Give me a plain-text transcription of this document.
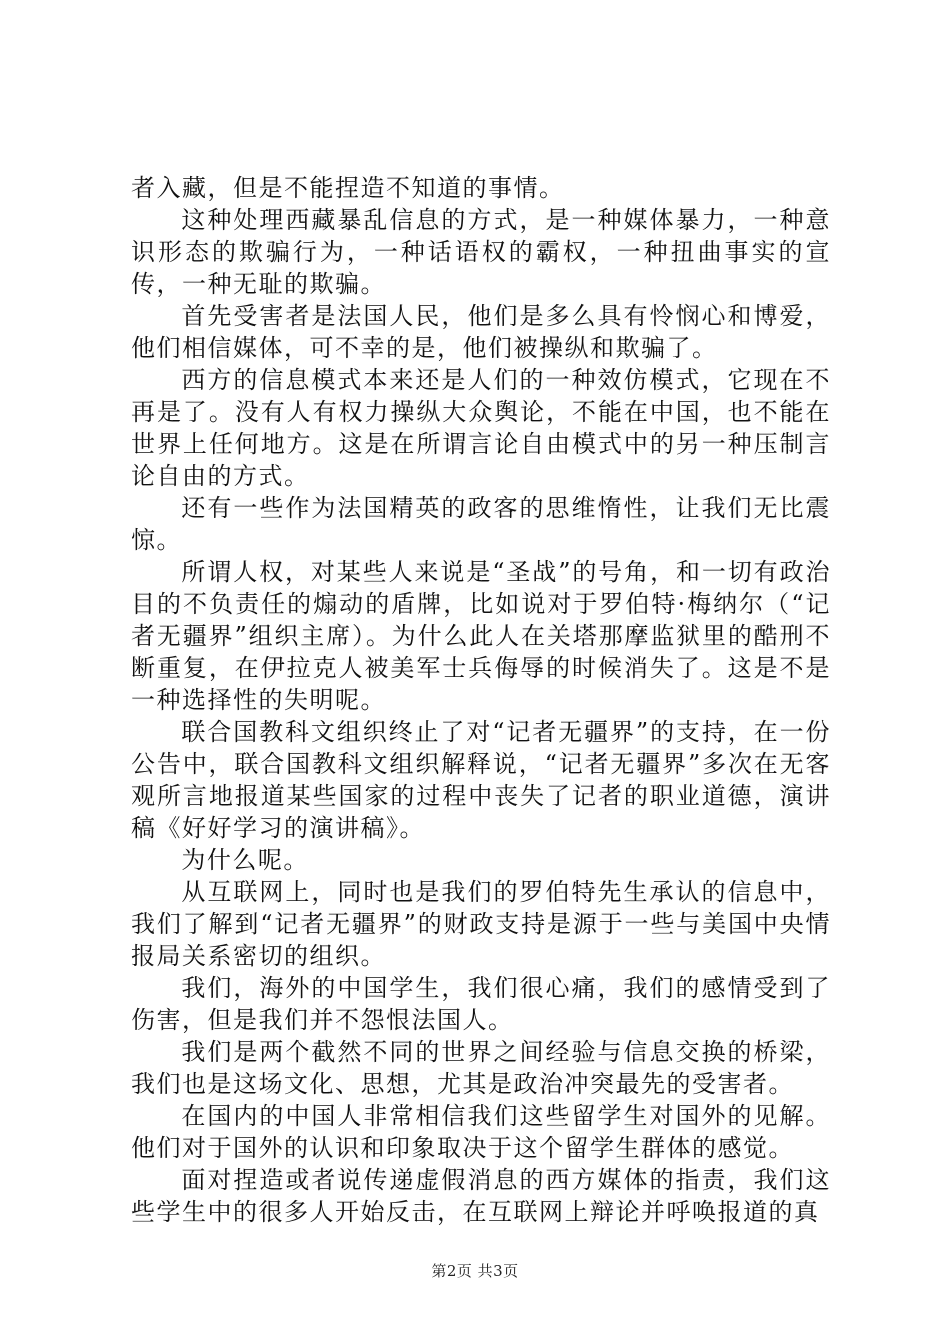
者入藏，但是不能捏造不知道的事情。

这种处理西藏暴乱信息的方式，是一种媒体暴力，一种意识形态的欺骗行为，一种话语权的霸权，一种扭曲事实的宣传，一种无耻的欺骗。

首先受害者是法国人民，他们是多么具有怜悯心和博爱，他们相信媒体，可不幸的是，他们被操纵和欺骗了。

西方的信息模式本来还是人们的一种效仿模式，它现在不再是了。没有人有权力操纵大众舆论，不能在中国，也不能在世界上任何地方。这是在所谓言论自由模式中的另一种压制言论自由的方式。

还有一些作为法国精英的政客的思维惰性，让我们无比震惊。

所谓人权，对某些人来说是“圣战”的号角，和一切有政治目的不负责任的煽动的盾牌，比如说对于罗伯特·梅纳尔（“记者无疆界”组织主席）。为什么此人在关塔那摩监狱里的酷刑不断重复，在伊拉克人被美军士兵侮辱的时候消失了。这是不是一种选择性的失明呢。

联合国教科文组织终止了对“记者无疆界”的支持，在一份公告中，联合国教科文组织解释说，“记者无疆界”多次在无客观所言地报道某些国家的过程中丧失了记者的职业道德，演讲稿《好好学习的演讲稿》。

为什么呢。

从互联网上，同时也是我们的罗伯特先生承认的信息中，我们了解到“记者无疆界”的财政支持是源于一些与美国中央情报局关系密切的组织。

我们，海外的中国学生，我们很心痛，我们的感情受到了伤害，但是我们并不怨恨法国人。

我们是两个截然不同的世界之间经验与信息交换的桥梁，我们也是这场文化、思想，尤其是政治冲突最先的受害者。

在国内的中国人非常相信我们这些留学生对国外的见解。他们对于国外的认识和印象取决于这个留学生群体的感觉。

面对捏造或者说传递虚假消息的西方媒体的指责，我们这些学生中的很多人开始反击，在互联网上辩论并呼唤报道的真

第2页 共3页
